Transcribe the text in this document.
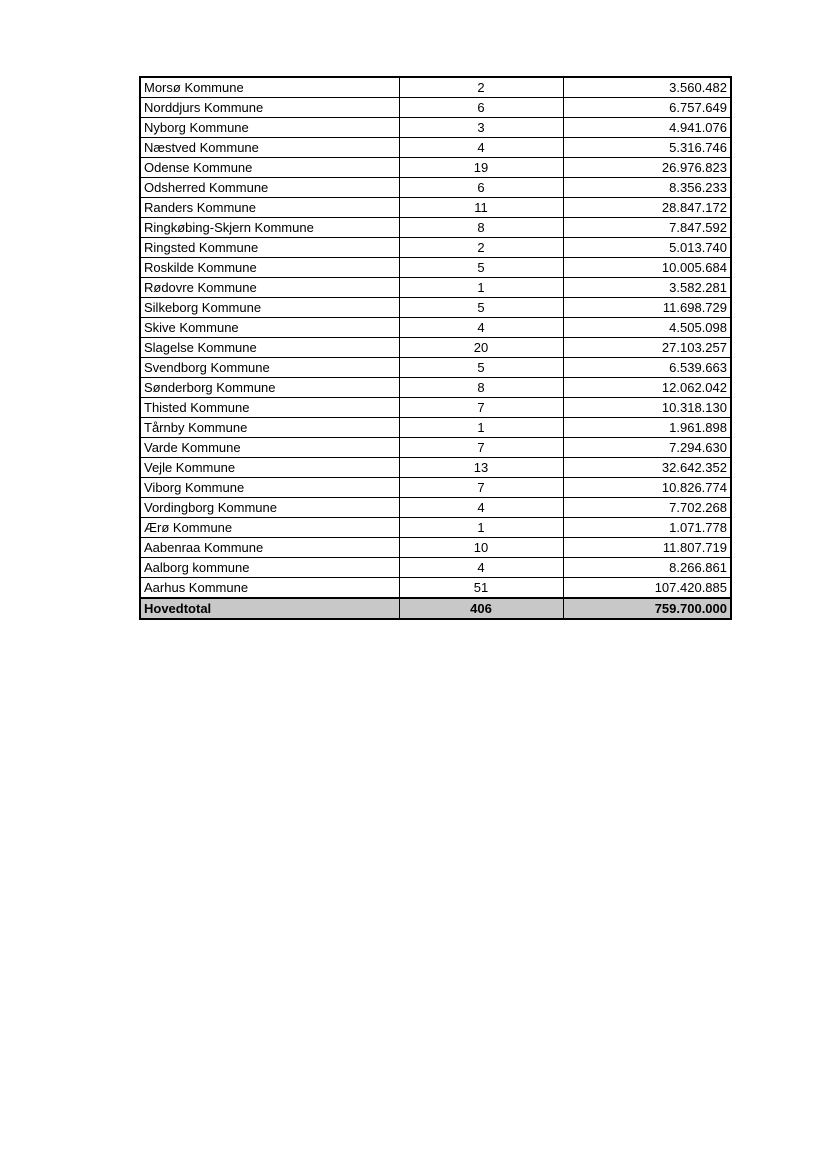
Morsø Kommune	2	3.560.482
Norddjurs Kommune	6	6.757.649
Nyborg Kommune	3	4.941.076
Næstved Kommune	4	5.316.746
Odense Kommune	19	26.976.823
Odsherred Kommune	6	8.356.233
Randers Kommune	11	28.847.172
Ringkøbing-Skjern Kommune	8	7.847.592
Ringsted Kommune	2	5.013.740
Roskilde Kommune	5	10.005.684
Rødovre Kommune	1	3.582.281
Silkeborg Kommune	5	11.698.729
Skive Kommune	4	4.505.098
Slagelse Kommune	20	27.103.257
Svendborg Kommune	5	6.539.663
Sønderborg Kommune	8	12.062.042
Thisted Kommune	7	10.318.130
Tårnby Kommune	1	1.961.898
Varde Kommune	7	7.294.630
Vejle Kommune	13	32.642.352
Viborg Kommune	7	10.826.774
Vordingborg Kommune	4	7.702.268
Ærø Kommune	1	1.071.778
Aabenraa Kommune	10	11.807.719
Aalborg kommune	4	8.266.861
Aarhus Kommune	51	107.420.885
Hovedtotal	406	759.700.000
